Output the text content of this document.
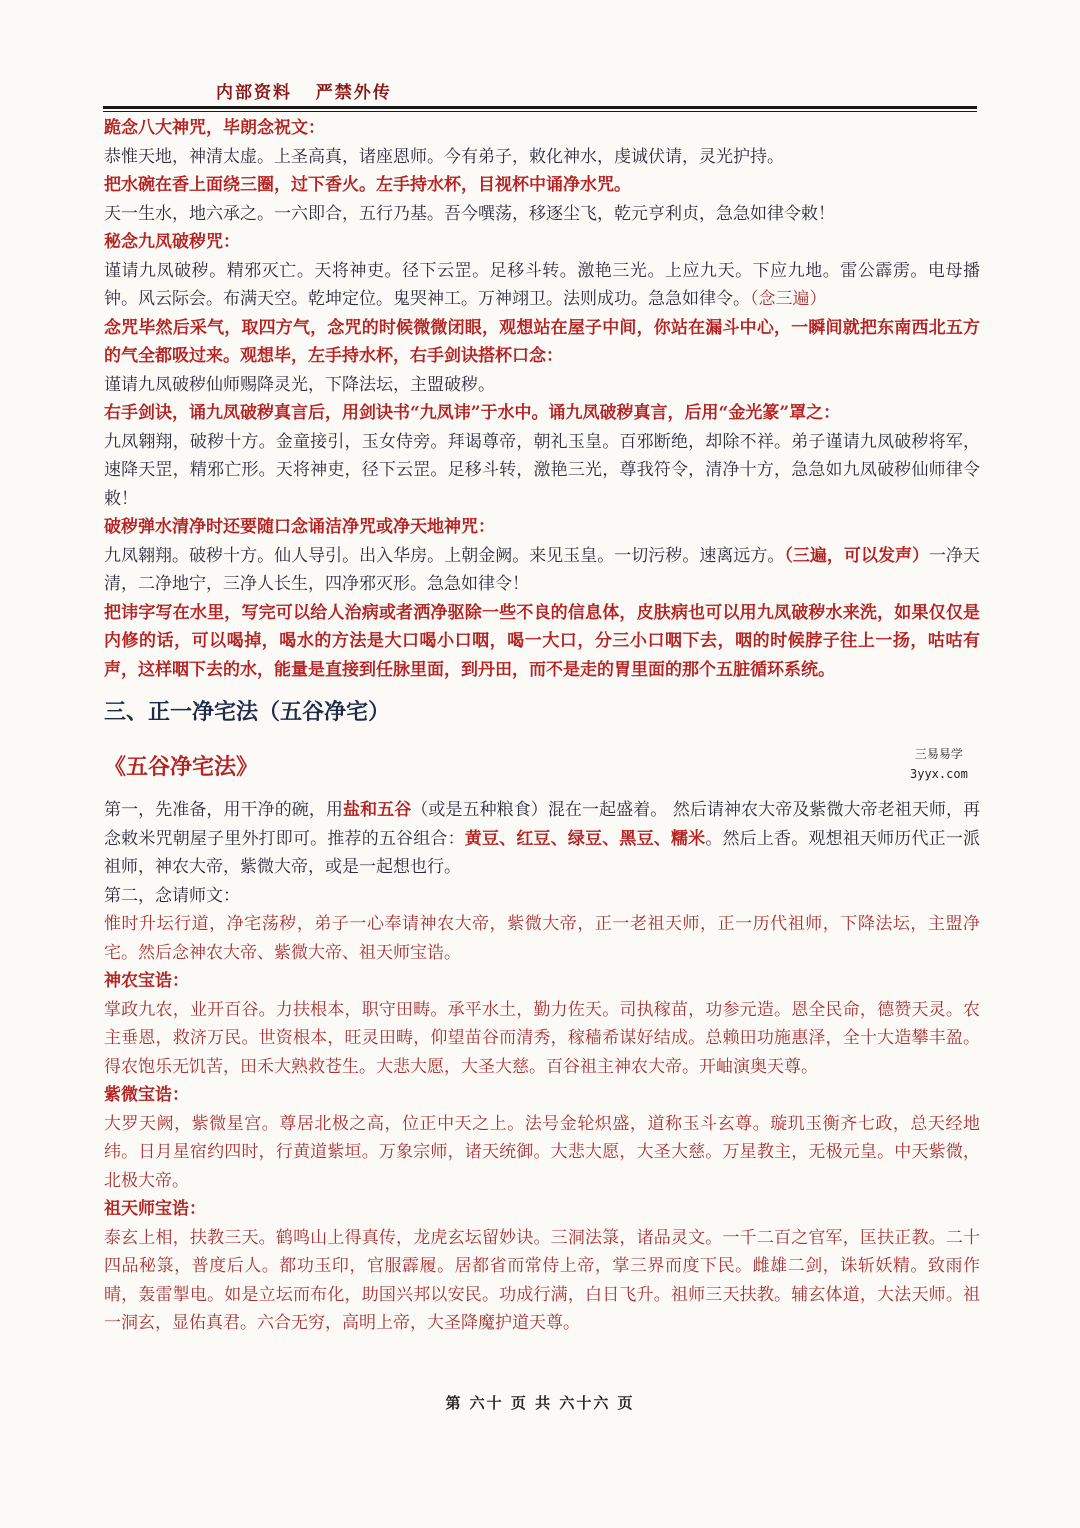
内部资料   严禁外传

跪念八大神咒，毕朗念祝文：

恭惟天地，神清太虚。上圣高真，诸座恩师。今有弟子，敕化神水，虔诚伏请，灵光护持。

把水碗在香上面绕三圈，过下香火。左手持水杯，目视杯中诵净水咒。

天一生水，地六承之。一六即合，五行乃基。吾今噀荡，移逐尘飞，乾元亨利贞，急急如律令敕！

秘念九凤破秽咒：

谨请九凤破秽。精邪灭亡。天将神吏。径下云罡。足移斗转。激艳三光。上应九天。下应九地。雷公霹雳。电母播钟。风云际会。布满天空。乾坤定位。鬼哭神工。万神翊卫。法则成功。急急如律令。（念三遍）

念咒毕然后采气，取四方气，念咒的时候微微闭眼，观想站在屋子中间，你站在漏斗中心，一瞬间就把东南西北五方的气全都吸过来。观想毕，左手持水杯，右手剑诀搭杯口念：

谨请九凤破秽仙师赐降灵光，下降法坛，主盟破秽。

右手剑诀，诵九凤破秽真言后，用剑诀书“九凤讳”于水中。诵九凤破秽真言，后用“金光篆”罩之：

九凤翱翔，破秽十方。金童接引，玉女侍旁。拜谒尊帝，朝礼玉皇。百邪断绝，却除不祥。弟子谨请九凤破秽将军，速降天罡，精邪亡形。天将神吏，径下云罡。足移斗转，激艳三光，尊我符令，清净十方，急急如九凤破秽仙师律令敕！

破秽弹水清净时还要随口念诵洁净咒或净天地神咒：

九凤翱翔。破秽十方。仙人导引。出入华房。上朝金阙。来见玉皇。一切污秽。速离远方。（三遍，可以发声）一净天清，二净地宁，三净人长生，四净邪灭形。急急如律令！

把讳字写在水里，写完可以给人治病或者洒净驱除一些不良的信息体，皮肤病也可以用九凤破秽水来洗，如果仅仅是内修的话，可以喝掉，喝水的方法是大口喝小口咽，喝一大口，分三小口咽下去，咽的时候脖子往上一扬，咕咕有声，这样咽下去的水，能量是直接到任脉里面，到丹田，而不是走的胃里面的那个五脏循环系统。

三、正一净宅法（五谷净宅）

《五谷净宅法》

第一，先准备，用干净的碗，用盐和五谷（或是五种粮食）混在一起盛着。 然后请神农大帝及紫微大帝老祖天师，再念敕米咒朝屋子里外打即可。推荐的五谷组合：黄豆、红豆、绿豆、黑豆、糯米。然后上香。观想祖天师历代正一派祖师，神农大帝，紫微大帝，或是一起想也行。

第二，念请师文：

惟时升坛行道，净宅荡秽，弟子一心奉请神农大帝，紫微大帝，正一老祖天师，正一历代祖师，下降法坛，主盟净宅。然后念神农大帝、紫微大帝、祖天师宝诰。

神农宝诰：

掌政九农，业开百谷。力扶根本，职守田畴。承平水土，勤力佐天。司执稼苗，功参元造。恩全民命，德赞天灵。农主垂恩，救济万民。世资根本，旺灵田畴，仰望苗谷而清秀，稼穑希谋好结成。总赖田功施惠泽，全十大造攀丰盈。得农饱乐无饥苦，田禾大熟救苍生。大悲大愿，大圣大慈。百谷祖主神农大帝。开岫演奥天尊。

紫微宝诰：

大罗天阙，紫微星宫。尊居北极之高，位正中天之上。法号金轮炽盛，道称玉斗玄尊。璇玑玉衡齐七政，总天经地纬。日月星宿约四时，行黄道紫垣。万象宗师，诸天统御。大悲大愿，大圣大慈。万星教主，无极元皇。中天紫微，北极大帝。

祖天师宝诰：

泰玄上相，扶教三天。鹤鸣山上得真传，龙虎玄坛留妙诀。三洞法箓，诸品灵文。一千二百之官军，匡扶正教。二十四品秘箓，普度后人。都功玉印，官服霹履。居都省而常侍上帝，掌三界而度下民。雌雄二剑，诛斩妖精。致雨作晴，轰雷掣电。如是立坛而布化，助国兴邦以安民。功成行满，白日飞升。祖师三天扶教。辅玄体道，大法天师。祖一洞玄，显佑真君。六合无穷，高明上帝，大圣降魔护道天尊。

三易易学
3yyx.com
第 六十 页 共 六十六 页
